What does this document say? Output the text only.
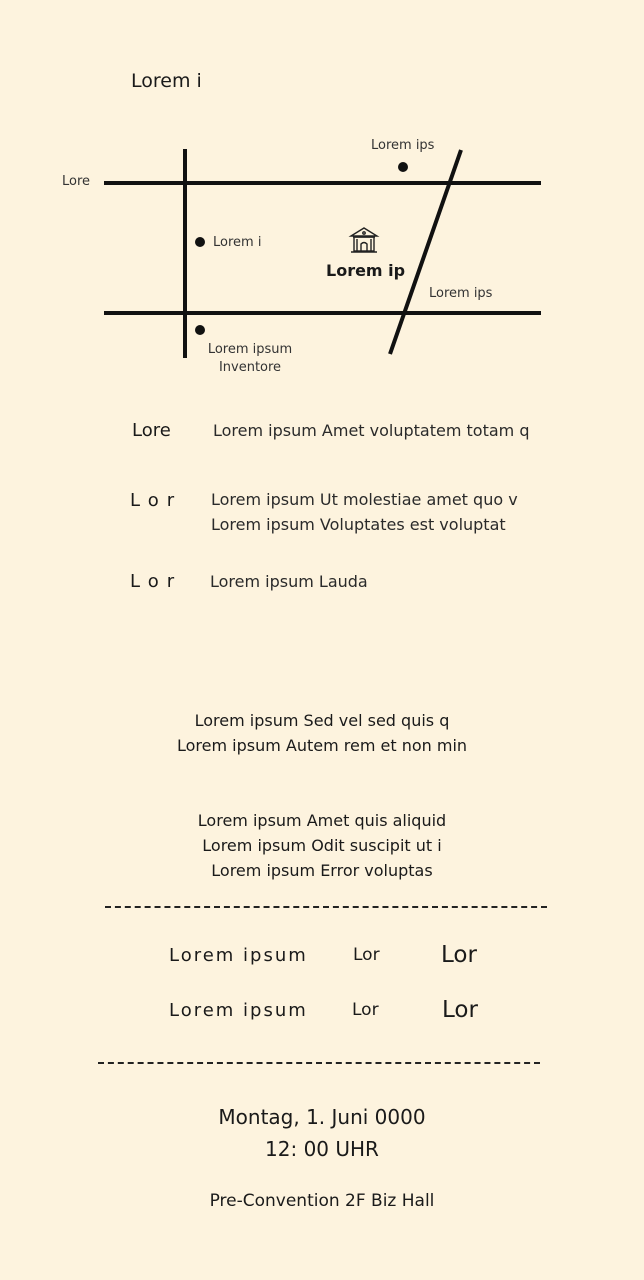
Lorem i
Lore
Lorem ips
Lorem i
Lorem ip
Lorem ips
Lorem ipsum
Inventore
Lore	Lorem ipsum Amet voluptatem totam q
Lor Lorem ipsum Ut molestiae amet quo v
Lorem ipsum Voluptates est voluptat
Lor Lorem ipsum Lauda
Lorem ipsum Sed vel sed quis q
Lorem ipsum Autem rem et non min
Lorem ipsum Amet quis aliquid
Lorem ipsum Odit suscipit ut i
Lorem ipsum Error voluptas
Lorem ipsum	Lor	Lor
Lorem ipsum	Lor	Lor
Montag, 1. Juni 0000
12: 00 UHR
Pre-Convention 2F Biz Hall
